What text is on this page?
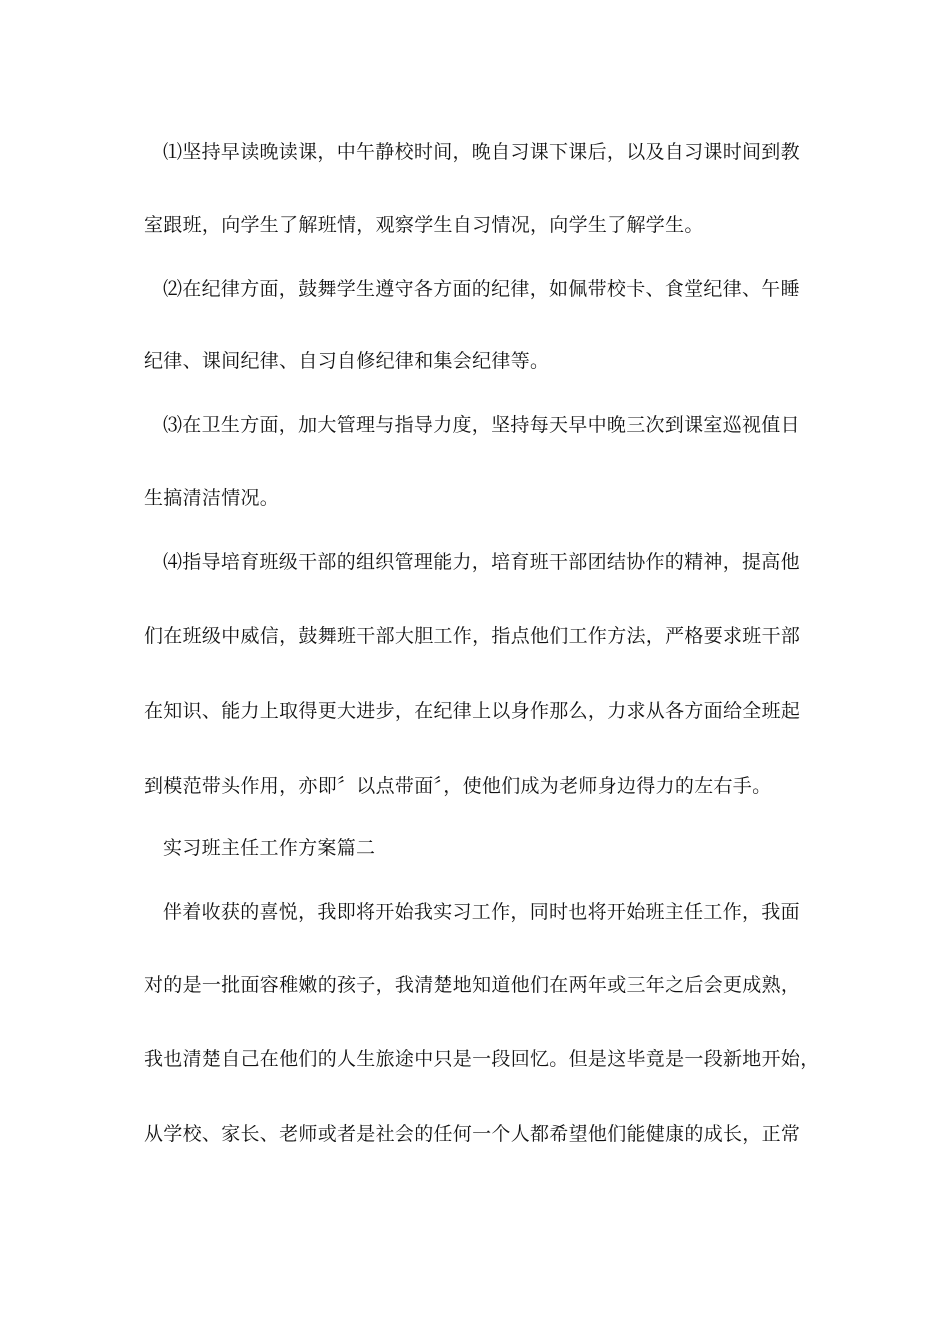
⑴坚持早读晚读课，中午静校时间，晚自习课下课后，以及自习课时间到教
室跟班，向学生了解班情，观察学生自习情况，向学生了解学生。
⑵在纪律方面，鼓舞学生遵守各方面的纪律，如佩带校卡、食堂纪律、午睡
纪律、课间纪律、自习自修纪律和集会纪律等。
⑶在卫生方面，加大管理与指导力度，坚持每天早中晚三次到课室巡视值日
生搞清洁情况。
⑷指导培育班级干部的组织管理能力，培育班干部团结协作的精神，提高他
们在班级中威信，鼓舞班干部大胆工作，指点他们工作方法，严格要求班干部
在知识、能力上取得更大进步，在纪律上以身作那么，力求从各方面给全班起
到模范带头作用，亦即〞以点带面〞，使他们成为老师身边得力的左右手。
实习班主任工作方案篇二
伴着收获的喜悦，我即将开始我实习工作，同时也将开始班主任工作，我面
对的是一批面容稚嫩的孩子，我清楚地知道他们在两年或三年之后会更成熟，
我也清楚自己在他们的人生旅途中只是一段回忆。但是这毕竟是一段新地开始，
从学校、家长、老师或者是社会的任何一个人都希望他们能健康的成长，正常
